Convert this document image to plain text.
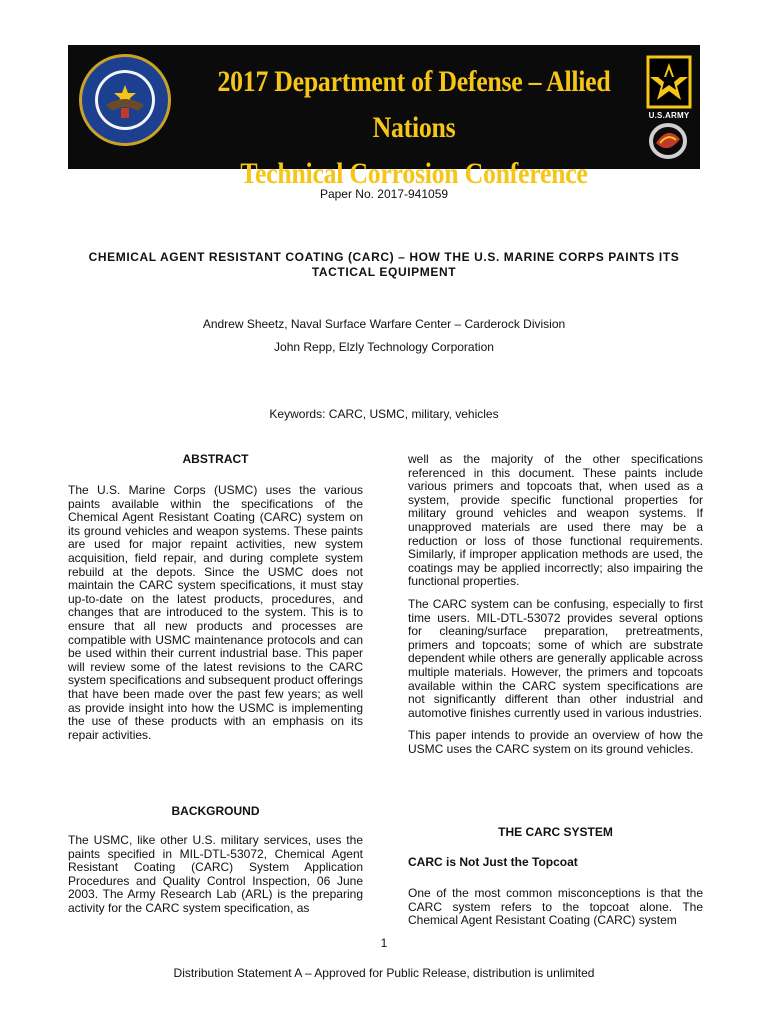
2017 Department of Defense – Allied Nations
Technical Corrosion Conference
U.S.ARMY
Paper No. 2017-941059
CHEMICAL AGENT RESISTANT COATING (CARC) – HOW THE U.S. MARINE CORPS PAINTS ITS
TACTICAL EQUIPMENT
Andrew Sheetz, Naval Surface Warfare Center – Carderock Division
John Repp, Elzly Technology Corporation
Keywords: CARC, USMC, military, vehicles
ABSTRACT

The U.S. Marine Corps (USMC) uses the various paints available within the specifications of the Chemical Agent Resistant Coating (CARC) system on its ground vehicles and weapon systems. These paints are used for major repaint activities, new system acquisition, field repair, and during complete system rebuild at the depots. Since the USMC does not maintain the CARC system specifications, it must stay up-to-date on the latest products, procedures, and changes that are introduced to the system. This is to ensure that all new products and processes are compatible with USMC maintenance protocols and can be used within their current industrial base. This paper will review some of the latest revisions to the CARC system specifications and subsequent product offerings that have been made over the past few years; as well as provide insight into how the USMC is implementing the use of these products with an emphasis on its repair activities.

BACKGROUND

The USMC, like other U.S. military services, uses the paints specified in MIL-DTL-53072, Chemical Agent Resistant Coating (CARC) System Application Procedures and Quality Control Inspection, 06 June 2003. The Army Research Lab (ARL) is the preparing activity for the CARC system specification, as

well as the majority of the other specifications referenced in this document. These paints include various primers and topcoats that, when used as a system, provide specific functional properties for military ground vehicles and weapon systems. If unapproved materials are used there may be a reduction or loss of those functional requirements. Similarly, if improper application methods are used, the coatings may be applied incorrectly; also impairing the functional properties.

The CARC system can be confusing, especially to first time users. MIL-DTL-53072 provides several options for cleaning/surface preparation, pretreatments, primers and topcoats; some of which are substrate dependent while others are generally applicable across multiple materials. However, the primers and topcoats available within the CARC system specifications are not significantly different than other industrial and automotive finishes currently used in various industries.

This paper intends to provide an overview of how the USMC uses the CARC system on its ground vehicles.

THE CARC SYSTEM
CARC is Not Just the Topcoat

One of the most common misconceptions is that the CARC system refers to the topcoat alone. The Chemical Agent Resistant Coating (CARC) system

1
Distribution Statement A – Approved for Public Release, distribution is unlimited
